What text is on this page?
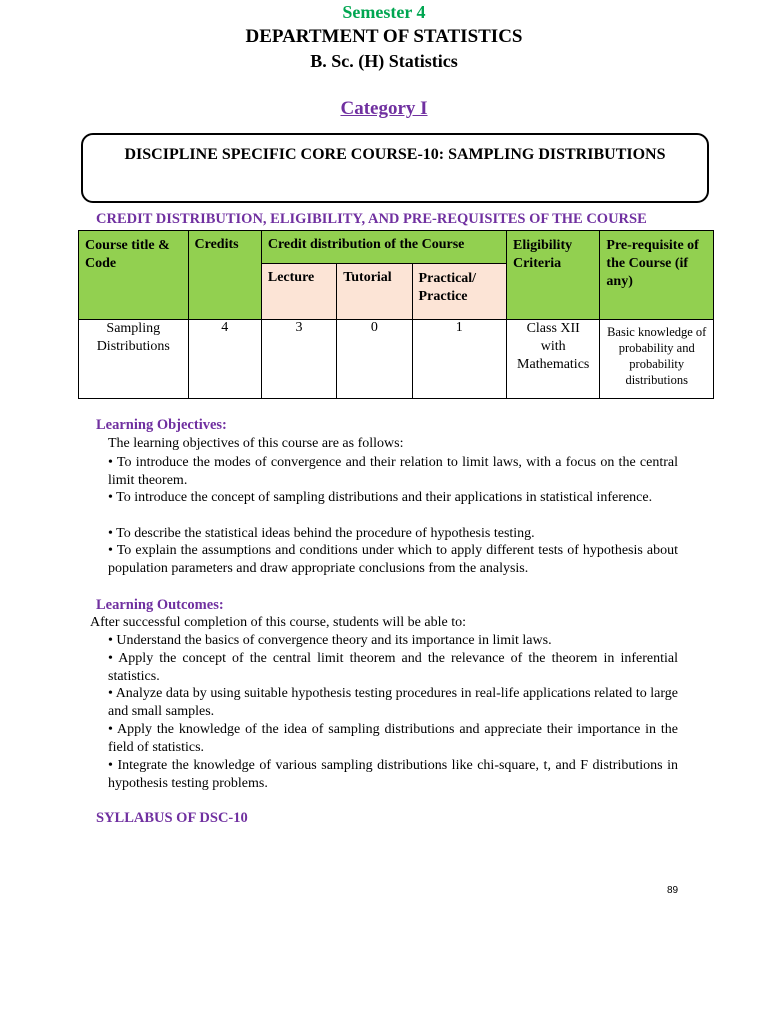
Semester 4
DEPARTMENT OF STATISTICS
B. Sc. (H) Statistics
Category I
DISCIPLINE SPECIFIC CORE COURSE-10: SAMPLING DISTRIBUTIONS
CREDIT DISTRIBUTION, ELIGIBILITY, AND PRE-REQUISITES OF THE COURSE
Course title & Code	Credits	Credit distribution of the Course			Eligibility Criteria	Pre-requisite of the Course (if any)
		Lecture	Tutorial	Practical/ Practice		
Sampling Distributions	4	3	0	1	Class XII with Mathematics	Basic knowledge of probability and probability distributions
Learning Objectives:
The learning objectives of this course are as follows:
• To introduce the modes of convergence and their relation to limit laws, with a focus on the central limit theorem.
• To introduce the concept of sampling distributions and their applications in statistical inference.
• To describe the statistical ideas behind the procedure of hypothesis testing.
• To explain the assumptions and conditions under which to apply different tests of hypothesis about population parameters and draw appropriate conclusions from the analysis.
Learning Outcomes:
After successful completion of this course, students will be able to:
• Understand the basics of convergence theory and its importance in limit laws.
• Apply the concept of the central limit theorem and the relevance of the theorem in inferential statistics.
• Analyze data by using suitable hypothesis testing procedures in real-life applications related to large and small samples.
• Apply the knowledge of the idea of sampling distributions and appreciate their importance in the field of statistics.
• Integrate the knowledge of various sampling distributions like chi-square, t, and F distributions in hypothesis testing problems.
SYLLABUS OF DSC-10
89
